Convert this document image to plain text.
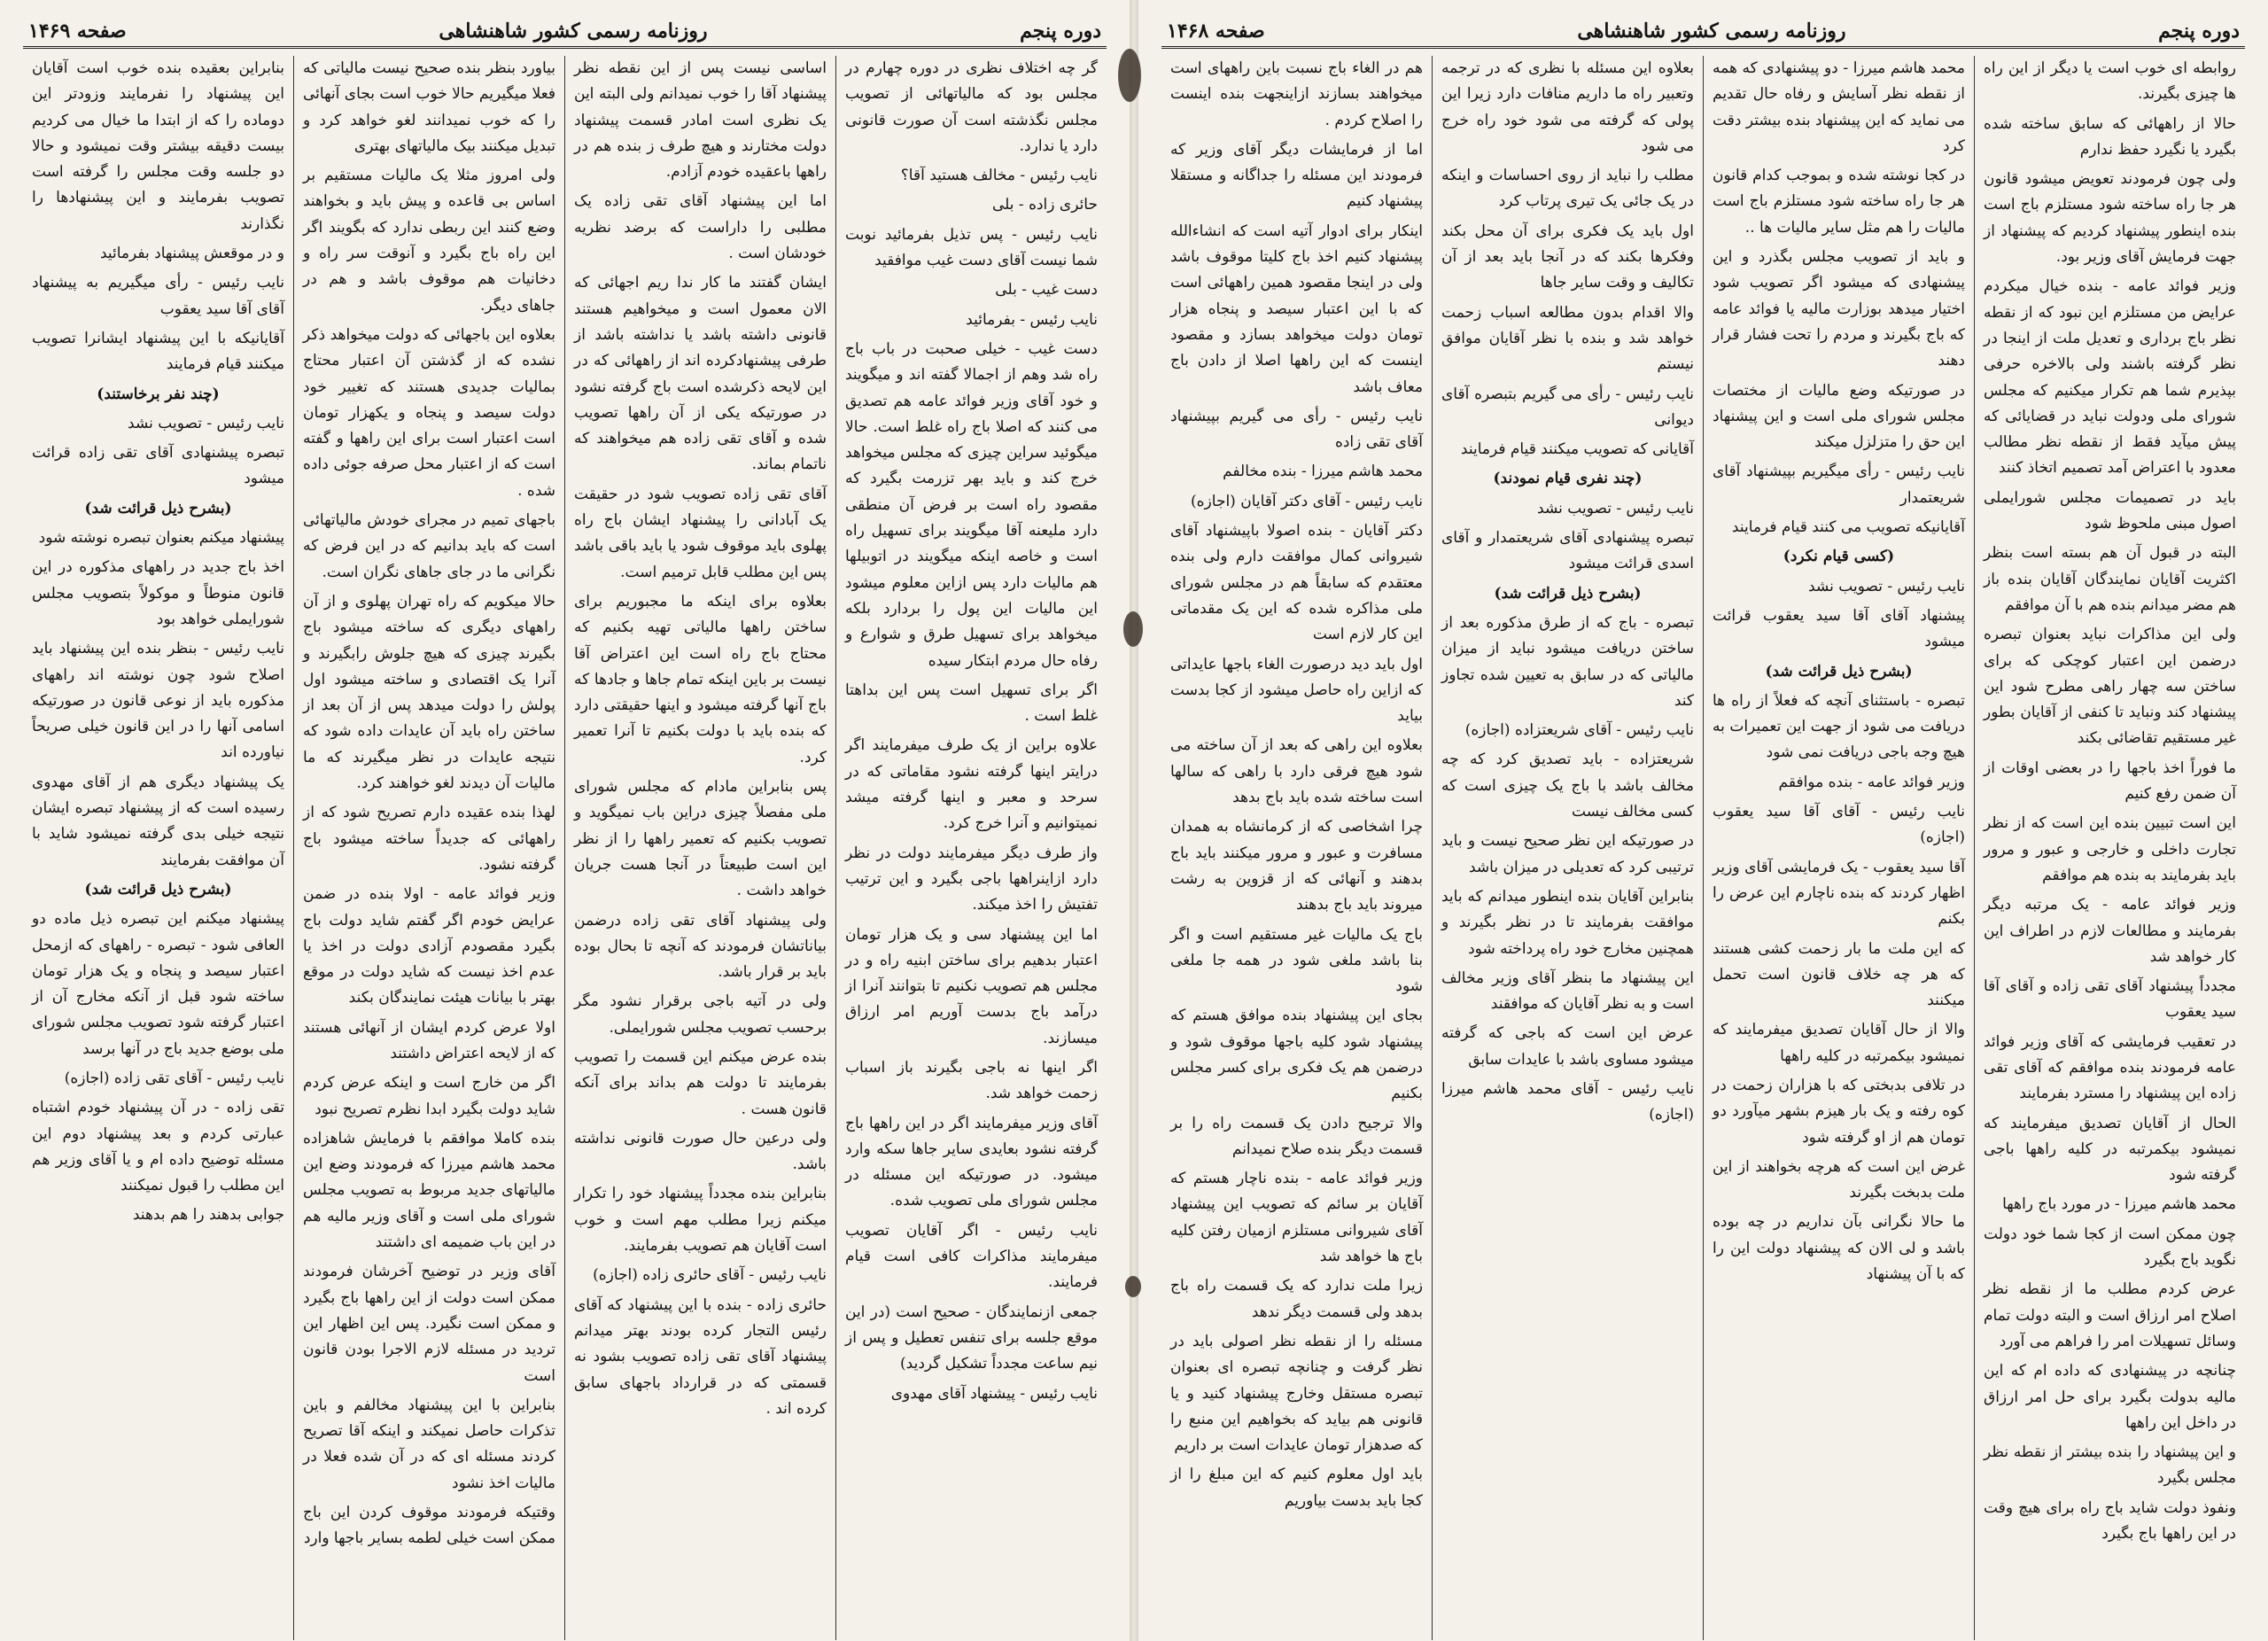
دوره پنجم
روزنامه رسمی کشور شاهنشاهی
صفحه ۱۴۶۹

گر چه اختلاف نظری در دوره چهارم در مجلس بود که مالیاتهائی از تصویب مجلس نگذشته است آن صورت قانونی دارد یا ندارد.

نایب رئیس - مخالف هستید آقا؟

حائری زاده - بلی

نایب رئیس - پس تذیل بفرمائید نوبت شما نیست آقای دست غیب موافقید

دست غیب - بلی

نایب رئیس - بفرمائید

دست غیب - خیلی صحبت در باب باج راه شد وهم از اجمالا گفته اند و میگویند و خود آقای وزیر فوائد عامه هم تصدیق می کنند که اصلا باج راه غلط است. حالا میگوئید سراین چیزی که مجلس میخواهد خرج کند و باید بهر تزرمت بگیرد که مقصود راه است بر فرض آن منطقی دارد ملیعنه آقا میگویند برای تسهیل راه است و خاصه اینکه میگویند در اتوبیلها هم مالیات دارد پس ازاین معلوم میشود این مالیات این پول را بردارد بلکه میخواهد برای تسهیل طرق و شوارع و رفاه حال مردم ابتکار سیده

اگر برای تسهیل است پس این بداهتا غلط است .

علاوه براین از یک طرف میفرمایند اگر درایتر اینها گرفته نشود مقاماتی که در سرحد و معبر و اینها گرفته میشد نمیتوانیم و آنرا خرج کرد.

واز طرف دیگر میفرمایند دولت در نظر دارد ازاینراهها باجی بگیرد و این ترتیب تفتیش را اخذ میکند.

اما این پیشنهاد سی و یک هزار تومان اعتبار بدهیم برای ساختن ابنیه راه و در مجلس هم تصویب نکنیم تا بتوانند آنرا از درآمد باج بدست آوریم امر ارزاق میسازند.

اگر اینها نه باجی بگیرند باز اسباب زحمت خواهد شد.

آقای وزیر میفرمایند اگر در این راهها باج گرفته نشود بعایدی سایر جاها سکه وارد میشود. در صورتیکه این مسئله در مجلس شورای ملی تصویب شده.

نایب رئیس - اگر آقایان تصویب میفرمایند مذاکرات کافی است قیام فرمایند.

جمعی ازنمایندگان - صحیح است (در این موقع جلسه برای تنفس تعطیل و پس از نیم ساعت مجدداً تشکیل گردید)

نایب رئیس - پیشنهاد آقای مهدوی

اساسی نیست پس از این نقطه نظر پیشنهاد آقا را خوب نمیدانم ولی البته این یک نظری است امادر قسمت پیشنهاد دولت مختارند و هیچ طرف ز بنده هم در راهها باعقیده خودم آزادم.

اما این پیشنهاد آقای تقی زاده یک مطلبی را داراست که برضد نظریه خودشان است .

ایشان گفتند ما کار ندا ریم اجهائی که الان معمول است و میخواهیم هستند قانونی داشته باشد یا نداشته باشد از طرفی پیشنهادکرده اند از راههائی که در این لایحه ذکرشده است باج گرفته نشود در صورتیکه یکی از آن راهها تصویب شده و آقای تقی زاده هم میخواهند که ناتمام بماند.

آقای تقی زاده تصویب شود در حقیقت یک آبادانی را پیشنهاد ایشان باج راه پهلوی باید موقوف شود یا باید باقی باشد پس این مطلب قابل ترمیم است.

بعلاوه برای اینکه ما مجبوریم برای ساختن راهها مالیاتی تهیه بکنیم که محتاج باج راه است این اعتراض آقا نیست بر باین اینکه تمام جاها و جادها که باج آنها گرفته میشود و اینها حقیقتی دارد که بنده باید با دولت بکنیم تا آنرا تعمیر کرد.

پس بنابراین مادام که مجلس شورای ملی مفصلاً چیزی دراین باب نمیگوید و تصویب بکنیم که تعمیر راهها را از نظر این است طبیعتاً در آنجا هست جریان خواهد داشت .

ولی پیشنهاد آقای تقی زاده درضمن بیاناتشان فرمودند که آنچه تا بحال بوده باید بر قرار باشد.

ولی در آتیه باجی برقرار نشود مگر برحسب تصویب مجلس شورایملی.

بنده عرض میکنم این قسمت را تصویب بفرمایند تا دولت هم بداند برای آنکه قانون هست .

ولی درعین حال صورت قانونی نداشته باشد.

بنابراین بنده مجدداً پیشنهاد خود را تکرار میکنم زیرا مطلب مهم است و خوب است آقایان هم تصویب بفرمایند.

نایب رئیس - آقای حائری زاده (اجازه)

حائری زاده - بنده با این پیشنهاد که آقای رئیس التجار کرده بودند بهتر میدانم پیشنهاد آقای تقی زاده تصویب بشود نه قسمتی که در قرارداد باجهای سابق کرده اند .

بیاورد بنظر بنده صحیح نیست مالیاتی که فعلا میگیریم حالا خوب است بجای آنهائی را که خوب نمیدانند لغو خواهد کرد و تبدیل میکنند بیک مالیاتهای بهتری

ولی امروز مثلا یک مالیات مستقیم بر اساس بی قاعده و پیش باید و بخواهند وضع کنند این ربطی ندارد که بگویند اگر این راه باج بگیرد و آنوقت سر راه و دخانیات هم موقوف باشد و هم در جاهای دیگر.

بعلاوه این باجهائی که دولت میخواهد ذکر نشده که از گذشتن آن اعتبار محتاج بمالیات جدیدی هستند که تغییر خود دولت سیصد و پنجاه و یکهزار تومان است اعتبار است برای این راهها و گفته است که از اعتبار محل صرفه جوئی داده شده .

باجهای تمیم در مجرای خودش مالیاتهائی است که باید بدانیم که در این فرض که نگرانی ما در جای جاهای نگران است.

حالا میکویم که راه تهران پهلوی و از آن راههای دیگری که ساخته میشود باج بگیرند چیزی که هیچ جلوش رابگیرند و آنرا یک اقتصادی و ساخته میشود اول پولش را دولت میدهد پس از آن بعد از ساختن راه باید آن عایدات داده شود که نتیجه عایدات در نظر میگیرند که ما مالیات آن دیدند لغو خواهند کرد.

لهذا بنده عقیده دارم تصریح شود که از راههائی که جدیداً ساخته میشود باج گرفته نشود.

وزیر فوائد عامه - اولا بنده در ضمن عرایض خودم اگر گفتم شاید دولت باج بگیرد مقصودم آزادی دولت در اخذ یا عدم اخذ نیست که شاید دولت در موقع بهتر با بیانات هیئت نمایندگان بکند

اولا عرض کردم ایشان از آنهائی هستند که از لایحه اعتراض داشتند

اگر من خارج است و اینکه عرض کردم شاید دولت بگیرد ابدا نظرم تصریح نبود

بنده کاملا موافقم با فرمایش شاهزاده محمد هاشم میرزا که فرمودند وضع این مالیاتهای جدید مربوط به تصویب مجلس شورای ملی است و آقای وزیر مالیه هم در این باب ضمیمه ای داشتند

آقای وزیر در توضیح آخرشان فرمودند ممکن است دولت از این راهها باج بگیرد و ممکن است نگیرد. پس این اظهار این تردید در مسئله لازم الاجرا بودن قانون است

بنابراین با این پیشنهاد مخالفم و باین تذکرات حاصل نمیکند و اینکه آقا تصریح کردند مسئله ای که در آن شده فعلا در مالیات اخذ نشود

وقتیکه فرمودند موقوف کردن این باج ممکن است خیلی لطمه بسایر باجها وارد

بنابراین بعقیده بنده خوب است آقایان این پیشنهاد را نفرمایند وزودتر این دوماده را که از ابتدا ما خیال می کردیم بیست دقیقه بیشتر وقت نمیشود و حالا دو جلسه وقت مجلس را گرفته است تصویب بفرمایند و این پیشنهادها را نگذارند

و در موقعش پیشنهاد بفرمائید

نایب رئیس - رأی میگیریم به پیشنهاد آقای آقا سید یعقوب

آقایانیکه با این پیشنهاد ایشانرا تصویب میکنند قیام فرمایند

(چند نفر برخاستند)

نایب رئیس - تصویب نشد

تبصره پیشنهادی آقای تقی زاده قرائت میشود

(بشرح ذیل قرائت شد)

پیشنهاد میکنم بعنوان تبصره نوشته شود

اخذ باج جدید در راههای مذکوره در این قانون منوطاً و موکولاً بتصویب مجلس شورایملی خواهد بود

نایب رئیس - بنظر بنده این پیشنهاد باید اصلاح شود چون نوشته اند راههای مذکوره باید از نوعی قانون در صورتیکه اسامی آنها را در این قانون خیلی صریحاً نیاورده اند

یک پیشنهاد دیگری هم از آقای مهدوی رسیده است که از پیشنهاد تبصره ایشان نتیجه خیلی بدی گرفته نمیشود شاید با آن موافقت بفرمایند

(بشرح ذیل قرائت شد)

پیشنهاد میکنم این تبصره ذیل ماده دو العافی شود - تبصره - راههای که ازمحل اعتبار سیصد و پنجاه و یک هزار تومان ساخته شود قبل از آنکه مخارج آن از اعتبار گرفته شود تصویب مجلس شورای ملی بوضع جدید باج در آنها برسد

نایب رئیس - آقای تقی زاده (اجازه)

تقی زاده - در آن پیشنهاد خودم اشتباه عبارتی کردم و بعد پیشنهاد دوم این مسئله توضیح داده ام و یا آقای وزیر هم این مطلب را قبول نمیکنند

جوابی بدهند را هم بدهند

دوره پنجم
روزنامه رسمی کشور شاهنشاهی
صفحه ۱۴۶۸

روابطه ای خوب است یا دیگر از این راه ها چیزی بگیرند.

حالا از راههائی که سابق ساخته شده بگیرد یا نگیرد حفظ ندارم

ولی چون فرمودند تعویض میشود قانون هر جا راه ساخته شود مستلزم باج است بنده اینطور پیشنهاد کردیم که پیشنهاد از جهت فرمایش آقای وزیر بود.

وزیر فوائد عامه - بنده خیال میکردم عرایض من مستلزم این نبود که از نقطه نظر باج برداری و تعدیل ملت از اینجا در نظر گرفته باشند ولی بالاخره حرفی بپذیرم شما هم تکرار میکنیم که مجلس شورای ملی ودولت نباید در قضایائی که پیش میآید فقط از نقطه نظر مطالب معدود با اعتراض آمد تصمیم اتخاذ کنند

باید در تصمیمات مجلس شورایملی اصول مبنی ملحوظ شود

البته در قبول آن هم بسته است بنظر اکثریت آقایان نمایندگان آقایان بنده باز هم مضر میدانم بنده هم با آن موافقم

ولی این مذاکرات نباید بعنوان تبصره درضمن این اعتبار کوچکی که برای ساختن سه چهار راهی مطرح شود این پیشنهاد کند ونباید تا کنفی از آقایان بطور غیر مستقیم تقاضائی بکند

ما فوراً اخذ باجها را در بعضی اوقات از آن ضمن رفع کنیم

این است تبیین بنده این است که از نظر تجارت داخلی و خارجی و عبور و مرور باید بفرمایند به بنده هم موافقم

وزیر فوائد عامه - یک مرتبه دیگر بفرمایند و مطالعات لازم در اطراف این کار خواهد شد

مجدداً پیشنهاد آقای تقی زاده و آقای آقا سید یعقوب

در تعقیب فرمایشی که آقای وزیر فوائد عامه فرمودند بنده موافقم که آقای تقی زاده این پیشنهاد را مسترد بفرمایند

الحال از آقایان تصدیق میفرمایند که نمیشود بیکمرتبه در کلیه راهها باجی گرفته شود

محمد هاشم میرزا - در مورد باج راهها

چون ممکن است از کجا شما خود دولت نگوید باج بگیرد

عرض کردم مطلب ما از نقطه نظر اصلاح امر ارزاق است و البته دولت تمام وسائل تسهیلات امر را فراهم می آورد

چنانچه در پیشنهادی که داده ام که این مالیه بدولت بگیرد برای حل امر ارزاق در داخل این راهها

و این پیشنهاد را بنده بیشتر از نقطه نظر مجلس بگیرد

ونفوذ دولت شاید باج راه برای هیچ وقت در این راهها باج بگیرد

محمد هاشم میرزا - دو پیشنهادی که همه از نقطه نظر آسایش و رفاه حال تقدیم می نماید که این پیشنهاد بنده بیشتر دقت کرد

در کجا نوشته شده و بموجب کدام قانون هر جا راه ساخته شود مستلزم باج است مالیات را هم مثل سایر مالیات ها ..

و باید از تصویب مجلس بگذرد و این پیشنهادی که میشود اگر تصویب شود اختیار میدهد بوزارت مالیه یا فوائد عامه که باج بگیرند و مردم را تحت فشار قرار دهند

در صورتیکه وضع مالیات از مختصات مجلس شورای ملی است و این پیشنهاد این حق را متزلزل میکند

نایب رئیس - رأی میگیریم بپیشنهاد آقای شریعتمدار

آقایانیکه تصویب می کنند قیام فرمایند

(کسی قیام نکرد)

نایب رئیس - تصویب نشد

پیشنهاد آقای آقا سید یعقوب قرائت میشود

(بشرح ذیل قرائت شد)

تبصره - باستثنای آنچه که فعلاً از راه ها دریافت می شود از جهت این تعمیرات به هیچ وجه باجی دریافت نمی شود

وزیر فوائد عامه - بنده موافقم

نایب رئیس - آقای آقا سید یعقوب (اجازه)

آقا سید یعقوب - یک فرمایشی آقای وزیر اظهار کردند که بنده ناچارم این عرض را بکنم

که این ملت ما بار زحمت کشی هستند که هر چه خلاف قانون است تحمل میکنند

والا از حال آقایان تصدیق میفرمایند که نمیشود بیکمرتبه در کلیه راهها

در تلافی بدبختی که با هزاران زحمت در کوه رفته و یک بار هیزم بشهر میآورد دو تومان هم از او گرفته شود

غرض این است که هرچه بخواهند از این ملت بدبخت بگیرند

ما حالا نگرانی بآن نداریم در چه بوده باشد و لی الان که پیشنهاد دولت این را که با آن پیشنهاد

بعلاوه این مسئله با نظری که در ترجمه وتعبیر راه ما داریم منافات دارد زیرا این پولی که گرفته می شود خود راه خرج می شود

مطلب را نباید از روی احساسات و اینکه در یک جائی یک تیری پرتاب کرد

اول باید یک فکری برای آن محل بکند وفکرها بکند که در آنجا باید بعد از آن تکالیف و وقت سایر جاها

والا اقدام بدون مطالعه اسباب زحمت خواهد شد و بنده با نظر آقایان موافق نیستم

نایب رئیس - رأی می گیریم بتبصره آقای دیوانی

آقایانی که تصویب میکنند قیام فرمایند

(چند نفری قیام نمودند)

نایب رئیس - تصویب نشد

تبصره پیشنهادی آقای شریعتمدار و آقای اسدی قرائت میشود

(بشرح ذیل قرائت شد)

تبصره - باج که از طرق مذکوره بعد از ساختن دریافت میشود نباید از میزان مالیاتی که در سابق به تعیین شده تجاوز کند

نایب رئیس - آقای شریعتزاده (اجازه)

شریعتزاده - باید تصدیق کرد که چه مخالف باشد با باج یک چیزی است که کسی مخالف نیست

در صورتیکه این نظر صحیح نیست و باید ترتیبی کرد که تعدیلی در میزان باشد

بنابراین آقایان بنده اینطور میدانم که باید موافقت بفرمایند تا در نظر بگیرند و همچنین مخارج خود راه پرداخته شود

این پیشنهاد ما بنظر آقای وزیر مخالف است و به نظر آقایان که موافقند

عرض این است که باجی که گرفته میشود مساوی باشد با عایدات سابق

نایب رئیس - آقای محمد هاشم میرزا (اجازه)

هم در الغاء باج نسبت باین راههای است میخواهند بسازند ازاینجهت بنده اینست را اصلاح کردم .

اما از فرمایشات دیگر آقای وزیر که فرمودند این مسئله را جداگانه و مستقلا پیشنهاد کنیم

اینکار برای ادوار آتیه است که انشاءالله پیشنهاد کنیم اخذ باج کلیتا موقوف باشد ولی در اینجا مقصود همین راههائی است که با این اعتبار سیصد و پنجاه هزار تومان دولت میخواهد بسازد و مقصود اینست که این راهها اصلا از دادن باج معاف باشد

نایب رئیس - رأی می گیریم بپیشنهاد آقای تقی زاده

محمد هاشم میرزا - بنده مخالفم

نایب رئیس - آقای دکتر آقایان (اجازه)

دکتر آقایان - بنده اصولا باپیشنهاد آقای شیروانی کمال موافقت دارم ولی بنده معتقدم که سابقاً هم در مجلس شورای ملی مذاکره شده که این یک مقدماتی این کار لازم است

اول باید دید درصورت الغاء باجها عایداتی که ازاین راه حاصل میشود از کجا بدست بیاید

بعلاوه این راهی که بعد از آن ساخته می شود هیچ فرقی دارد با راهی که سالها است ساخته شده باید باج بدهد

چرا اشخاصی که از کرمانشاه به همدان مسافرت و عبور و مرور میکنند باید باج بدهند و آنهائی که از قزوین به رشت میروند باید باج بدهند

باج یک مالیات غیر مستقیم است و اگر بنا باشد ملغی شود در همه جا ملغی شود

بجای این پیشنهاد بنده موافق هستم که پیشنهاد شود کلیه باجها موقوف شود و درضمن هم یک فکری برای کسر مجلس بکنیم

والا ترجیح دادن یک قسمت راه را بر قسمت دیگر بنده صلاح نمیدانم

وزیر فوائد عامه - بنده ناچار هستم که آقایان بر سائم که تصویب این پیشنهاد آقای شیروانی مستلزم ازمیان رفتن کلیه باج ها خواهد شد

زیرا ملت ندارد که یک قسمت راه باج بدهد ولی قسمت دیگر ندهد

مسئله را از نقطه نظر اصولی باید در نظر گرفت و چنانچه تبصره ای بعنوان تبصره مستقل وخارج پیشنهاد کنید و یا قانونی هم بیاید که بخواهیم این منبع را که صدهزار تومان عایدات است بر داریم

باید اول معلوم کنیم که این مبلغ را از کجا باید بدست بیاوریم
